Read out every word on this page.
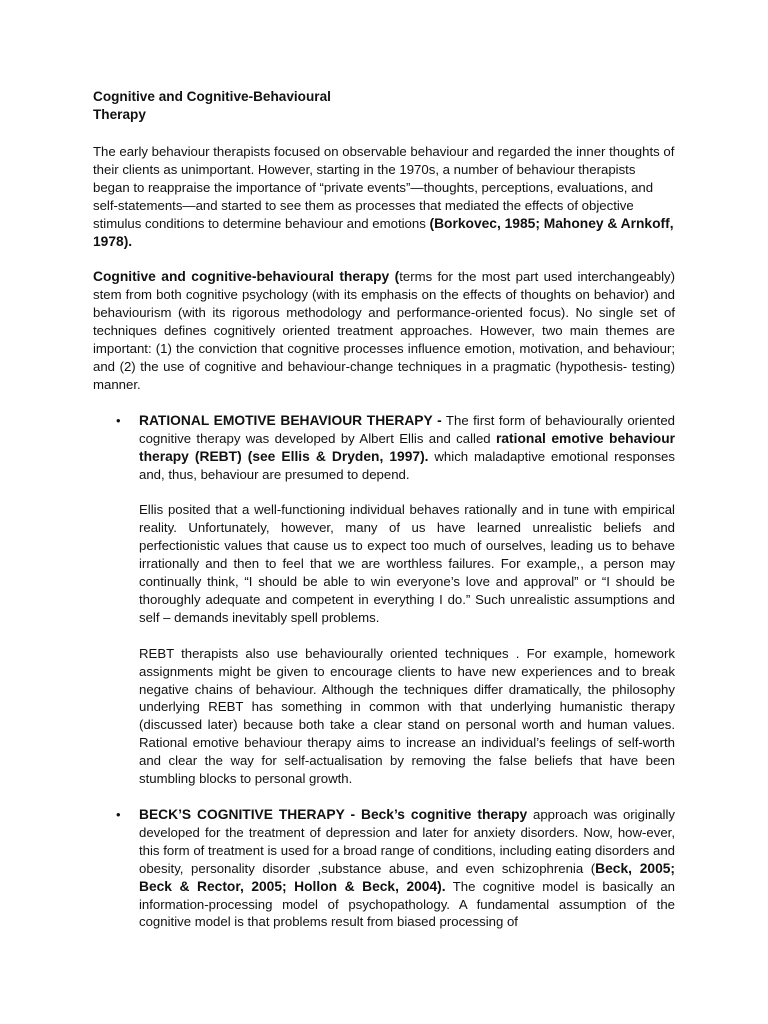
Cognitive and Cognitive-Behavioural
Therapy

The early behaviour therapists focused on observable behaviour and regarded the inner thoughts of their clients as unimportant. However, starting in the 1970s, a number of behaviour therapists began to reappraise the importance of “private events”—thoughts, perceptions, evaluations, and self-statements—and started to see them as processes that mediated the effects of objective stimulus conditions to determine behaviour and emotions (Borkovec, 1985; Mahoney & Arnkoff, 1978).

Cognitive and cognitive-behavioural therapy (terms for the most part used interchangeably) stem from both cognitive psychology (with its emphasis on the effects of thoughts on behavior) and behaviourism (with its rigorous methodology and performance-oriented focus). No single set of techniques defines cognitively oriented treatment approaches. However, two main themes are important: (1) the conviction that cognitive processes influence emotion, motivation, and behaviour; and (2) the use of cognitive and behaviour-change techniques in a pragmatic (hypothesis- testing) manner.

• RATIONAL EMOTIVE BEHAVIOUR THERAPY - The first form of behaviourally oriented cognitive therapy was developed by Albert Ellis and called rational emotive behaviour therapy (REBT) (see Ellis & Dryden, 1997). which maladaptive emotional responses and, thus, behaviour are presumed to depend.

Ellis posited that a well-functioning individual behaves rationally and in tune with empirical reality. Unfortunately, however, many of us have learned unrealistic beliefs and perfectionistic values that cause us to expect too much of ourselves, leading us to behave irrationally and then to feel that we are worthless failures. For example,, a person may continually think, “I should be able to win everyone’s love and approval” or “I should be thoroughly adequate and competent in everything I do.” Such unrealistic assumptions and self – demands inevitably spell problems.

REBT therapists also use behaviourally oriented techniques . For example, homework assignments might be given to encourage clients to have new experiences and to break negative chains of behaviour. Although the techniques differ dramatically, the philosophy underlying REBT has something in common with that underlying humanistic therapy (discussed later) because both take a clear stand on personal worth and human values. Rational emotive behaviour therapy aims to increase an individual’s feelings of self-worth and clear the way for self-actualisation by removing the false beliefs that have been stumbling blocks to personal growth.

• BECK’S COGNITIVE THERAPY - Beck’s cognitive therapy approach was originally developed for the treatment of depression and later for anxiety disorders. Now, how-ever, this form of treatment is used for a broad range of conditions, including eating disorders and obesity, personality disorder ,substance abuse, and even schizophrenia (Beck, 2005; Beck & Rector, 2005; Hollon & Beck, 2004). The cognitive model is basically an information-processing model of psychopathology. A fundamental assumption of the cognitive model is that problems result from biased processing of
